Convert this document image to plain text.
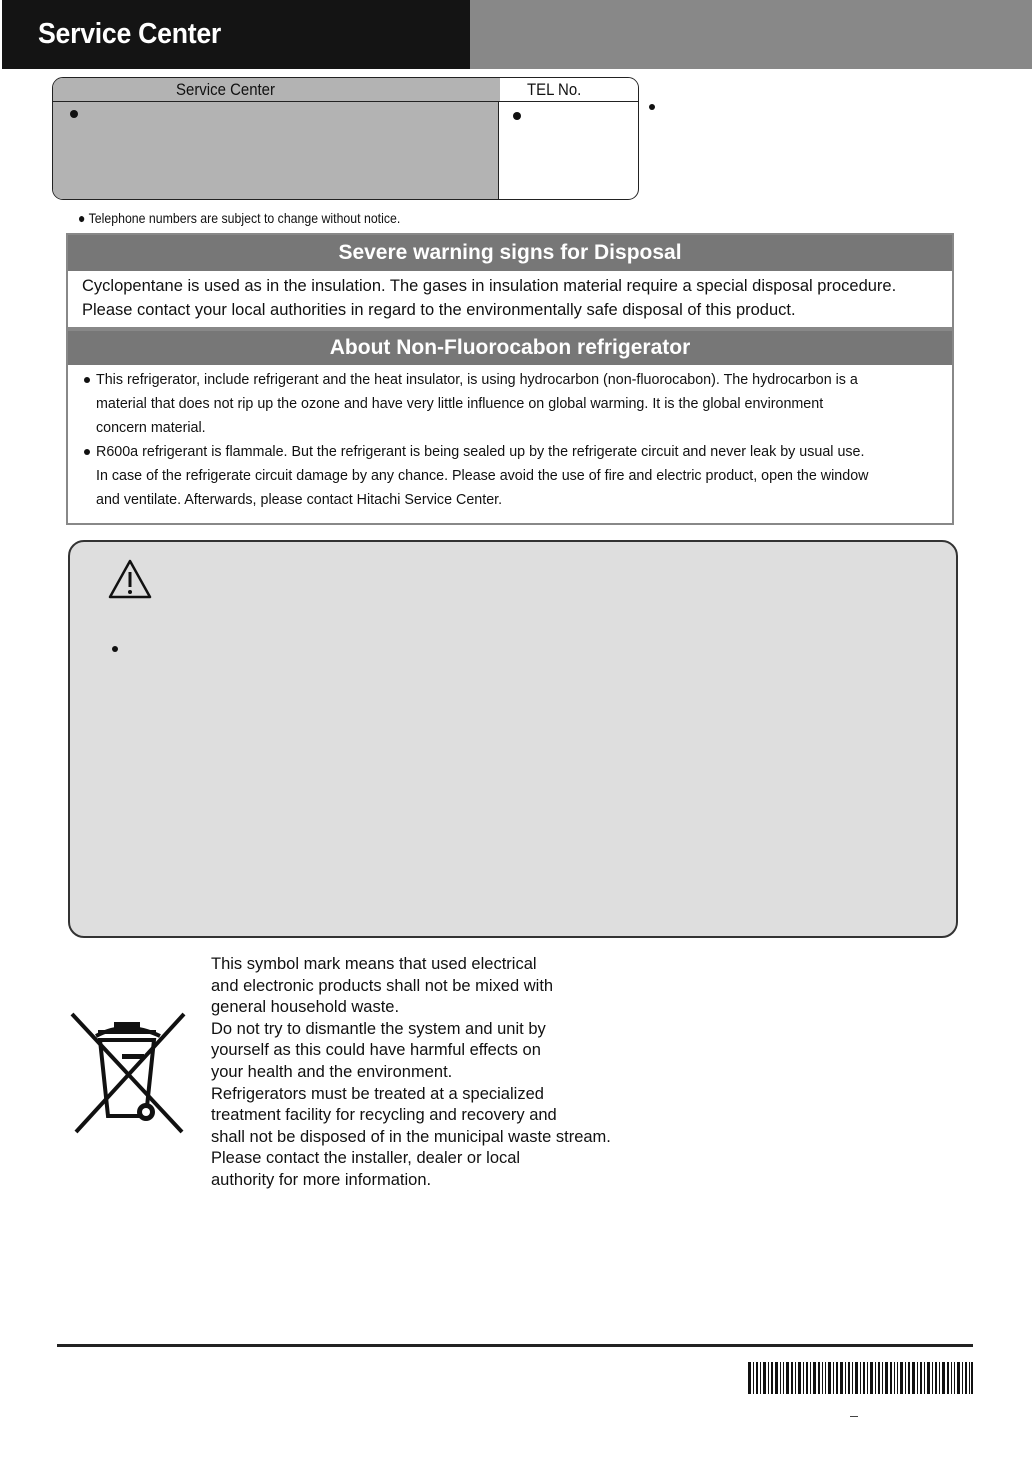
Service Center
Service Center	TEL No.
● Telephone numbers are subject to change without notice.
Severe warning signs for Disposal
Cyclopentane is used as in the insulation. The gases in insulation material require a special disposal procedure.
Please contact your local authorities in regard to the environmentally safe disposal of this product.
About Non-Fluorocabon refrigerator
This refrigerator, include refrigerant and the heat insulator, is using hydrocarbon (non-fluorocabon). The hydrocarbon is a
material that does not rip up the ozone and have very little influence on global warming. It is the global environment
concern material.
R600a refrigerant is flammale. But the refrigerant is being sealed up by the refrigerate circuit and never leak by usual use.
In case of the refrigerate circuit damage by any chance. Please avoid the use of fire and electric product, open the window
and ventilate. Afterwards, please contact Hitachi Service Center.
This symbol mark means that used electrical
and electronic products shall not be mixed with
general household waste.
Do not try to dismantle the system and unit by
yourself as this could have harmful effects on
your health and the environment.
Refrigerators must be treated at a specialized
treatment facility for recycling and recovery and
shall not be disposed of in the municipal waste stream.
Please contact the installer, dealer or local
authority for more information.
